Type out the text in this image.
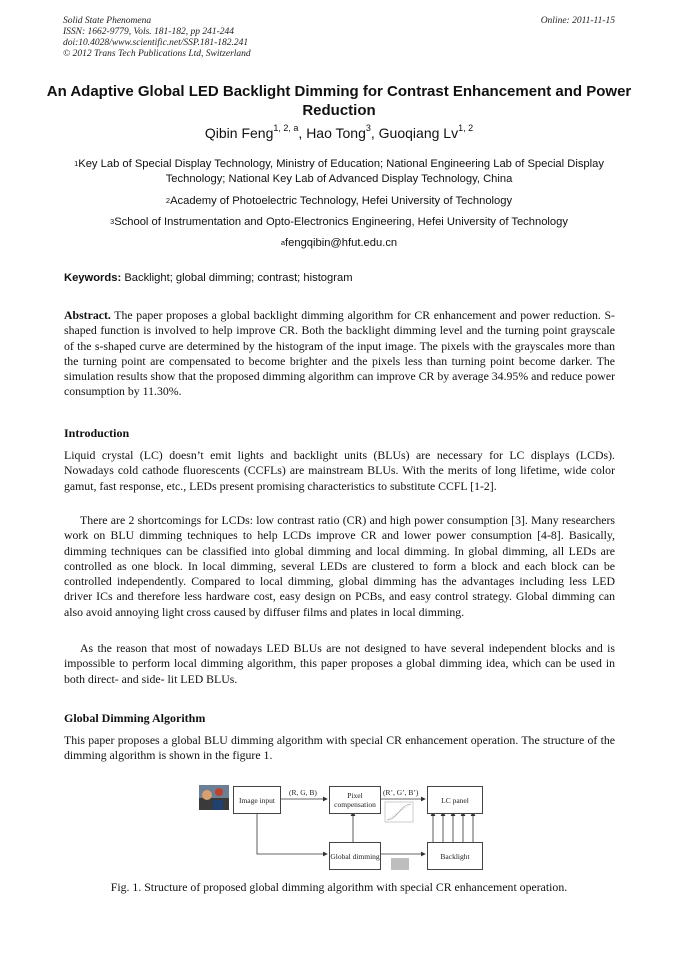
Solid State Phenomena
ISSN: 1662-9779, Vols. 181-182, pp 241-244
doi:10.4028/www.scientific.net/SSP.181-182.241
© 2012 Trans Tech Publications Ltd, Switzerland
Online: 2011-11-15
An Adaptive Global LED Backlight Dimming for Contrast Enhancement and Power Reduction
Qibin Feng$^{1, 2, a}$, Hao Tong$^3$, Guoqiang Lv$^{1, 2}$
$^1$Key Lab of Special Display Technology, Ministry of Education; National Engineering Lab of Special Display Technology; National Key Lab of Advanced Display Technology, China
$^2$Academy of Photoelectric Technology, Hefei University of Technology
$^3$School of Instrumentation and Opto-Electronics Engineering, Hefei University of Technology
$^a$fengqibin@hfut.edu.cn
Keywords: Backlight; global dimming; contrast; histogram
Abstract. The paper proposes a global backlight dimming algorithm for CR enhancement and power reduction. S-shaped function is involved to help improve CR. Both the backlight dimming level and the turning point grayscale of the s-shaped curve are determined by the histogram of the input image. The pixels with the grayscales more than the turning point are compensated to become brighter and the pixels less than turning point become darker. The simulation results show that the proposed dimming algorithm can improve CR by average 34.95% and reduce power consumption by 11.30%.
Introduction
Liquid crystal (LC) doesn’t emit lights and backlight units (BLUs) are necessary for LC displays (LCDs). Nowadays cold cathode fluorescents (CCFLs) are mainstream BLUs. With the merits of long lifetime, wide color gamut, fast response, etc., LEDs present promising characteristics to substitute CCFL [1-2].
There are 2 shortcomings for LCDs: low contrast ratio (CR) and high power consumption [3]. Many researchers work on BLU dimming techniques to help LCDs improve CR and lower power consumption [4-8]. Basically, dimming techniques can be classified into global dimming and local dimming. In global dimming, all LEDs are controlled as one block. In local dimming, several LEDs are clustered to form a block and each block can be controlled independently. Compared to local dimming, global dimming has the advantages including less LED driver ICs and therefore less hardware cost, easy design on PCBs, and easy control strategy. Global dimming can also avoid annoying light cross caused by diffuser films and plates in local dimming.
As the reason that most of nowadays LED BLUs are not designed to have several independent blocks and is impossible to perform local dimming algorithm, this paper proposes a global dimming idea, which can be used in both direct- and side- lit LED BLUs.
Global Dimming Algorithm
This paper proposes a global BLU dimming algorithm with special CR enhancement operation. The structure of the dimming algorithm is shown in the figure 1.
Image input	Pixel compensation	LC panel
Global dimming	Backlight
(R, G, B)	(R’, G’, B’)
Fig. 1. Structure of proposed global dimming algorithm with special CR enhancement operation.
